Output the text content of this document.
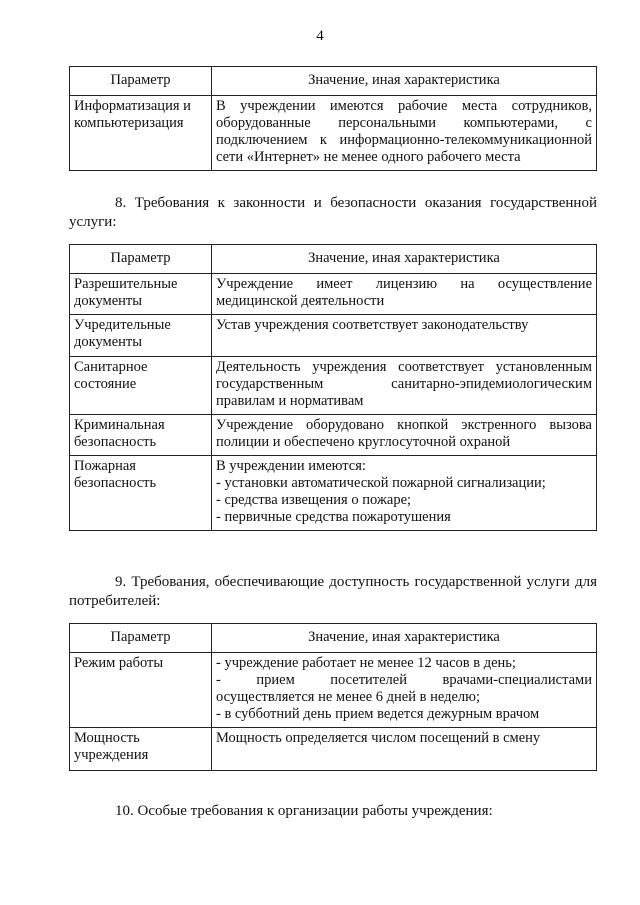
4
Параметр	Значение, иная характеристика
Информатизация и компьютеризация	В учреждении имеются рабочие места сотрудников,
оборудованные персональными компьютерами, с
подключением к информационно-телекоммуникационной
сети «Интернет» не менее одного рабочего места
8. Требования к законности и безопасности оказания государственной услуги:
Параметр	Значение, иная характеристика
Разрешительные документы	Учреждение имеет лицензию на осуществление
медицинской деятельности

Учредительные документы	Устав учреждения соответствует законодательству

Санитарное состояние	Деятельность учреждения соответствует установленным
государственным санитарно-эпидемиологическим
правилам и нормативам

Криминальная безопасность	Учреждение оборудовано кнопкой экстренного вызова
полиции и обеспечено круглосуточной охраной

Пожарная безопасность	В учреждении имеются:
- установки автоматической пожарной сигнализации;
- средства извещения о пожаре;
- первичные средства пожаротушения
9. Требования, обеспечивающие доступность государственной услуги для потребителей:
Параметр	Значение, иная характеристика
Режим работы	- учреждение работает не менее 12 часов в день;
- прием посетителей врачами-специалистами
осуществляется не менее 6 дней в неделю;
- в субботний день прием ведется дежурным врачом

Мощность учреждения	Мощность определяется числом посещений в смену
10. Особые требования к организации работы учреждения:
